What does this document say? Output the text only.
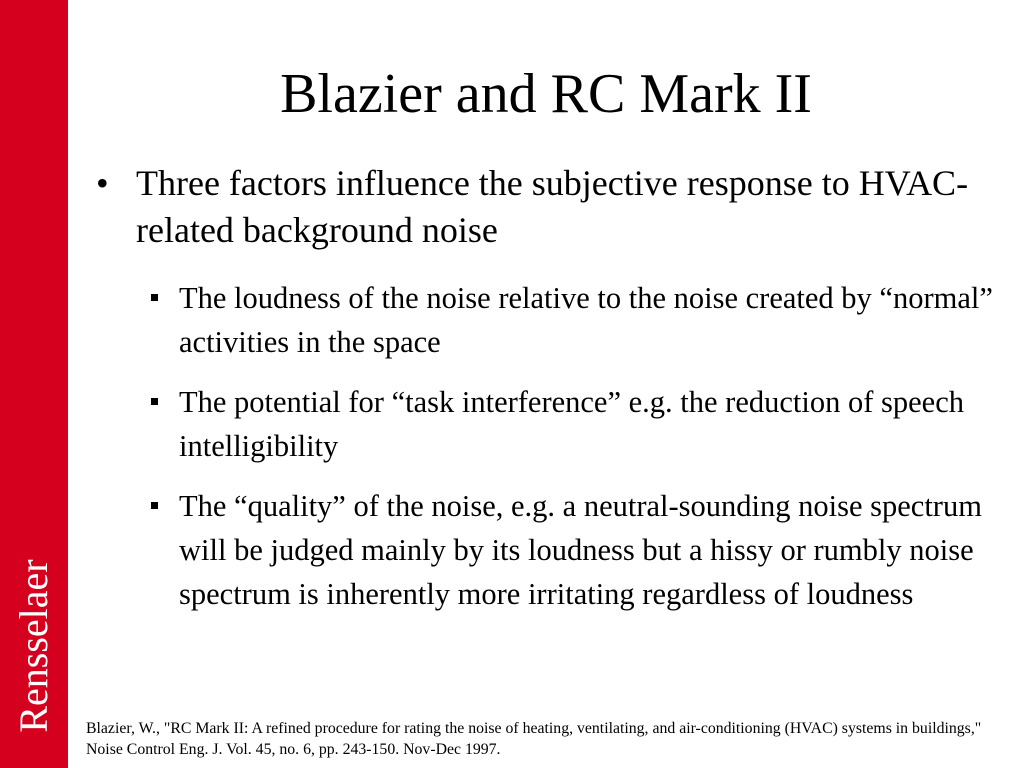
Rensselaer
Blazier and RC Mark II
• Three factors influence the subjective response to HVAC-related background noise
The loudness of the noise relative to the noise created by “normal” activities in the space
The potential for “task interference” e.g. the reduction of speech intelligibility
The “quality” of the noise, e.g. a neutral-sounding noise spectrum will be judged mainly by its loudness but a hissy or rumbly noise spectrum is inherently more irritating regardless of loudness
Blazier, W., "RC Mark II: A refined procedure for rating the noise of heating, ventilating, and air-conditioning (HVAC) systems in buildings," Noise Control Eng. J. Vol. 45, no. 6, pp. 243-150. Nov-Dec 1997.
